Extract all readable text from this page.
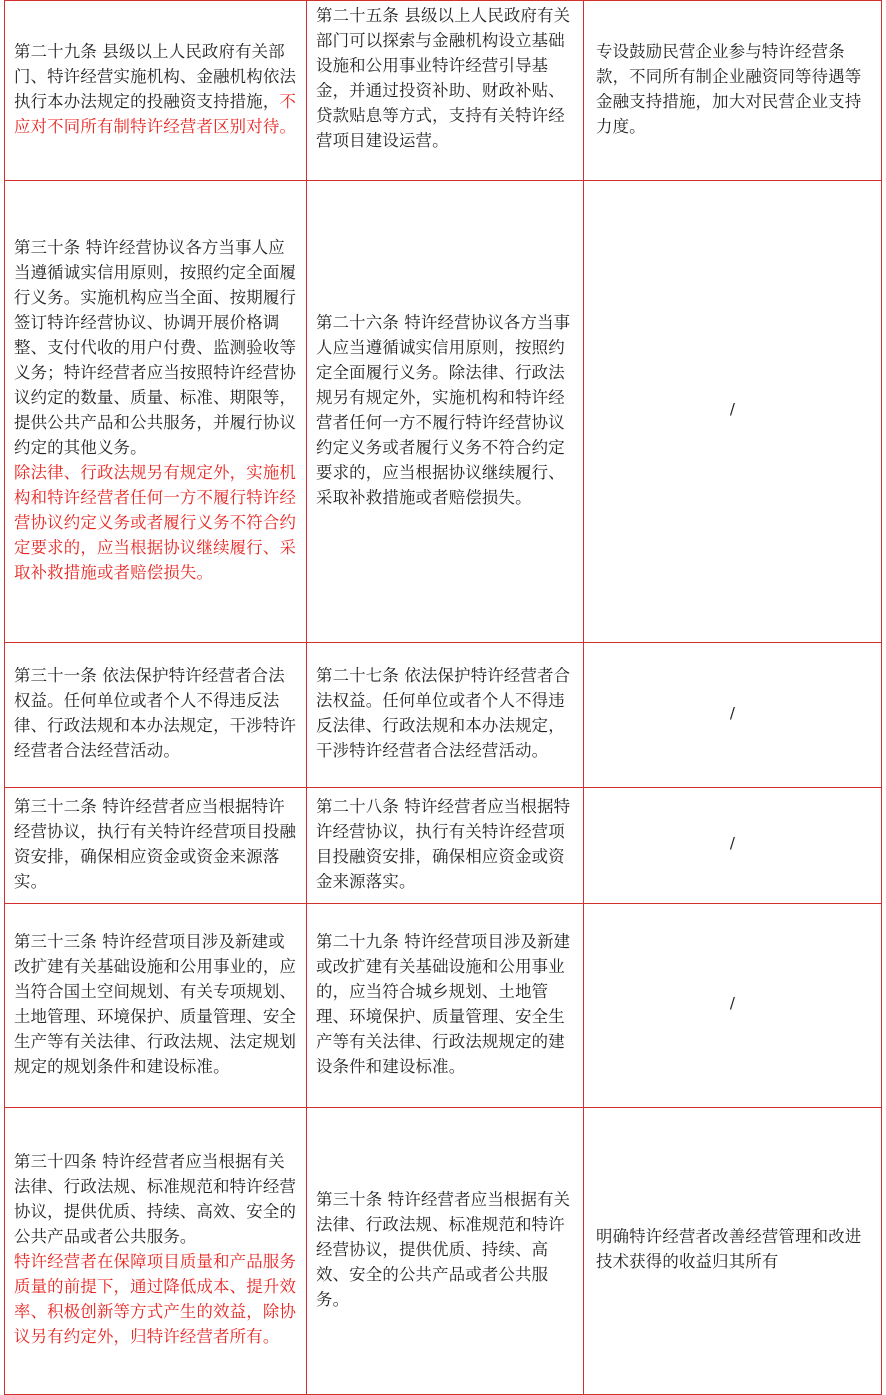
第二十九条 县级以上人民政府有关部门、特许经营实施机构、金融机构依法执行本办法规定的投融资支持措施，不应对不同所有制特许经营者区别对待。	第二十五条 县级以上人民政府有关部门可以探索与金融机构设立基础设施和公用事业特许经营引导基金，并通过投资补助、财政补贴、贷款贴息等方式，支持有关特许经营项目建设运营。	专设鼓励民营企业参与特许经营条款，不同所有制企业融资同等待遇等金融支持措施，加大对民营企业支持力度。

第三十条 特许经营协议各方当事人应当遵循诚实信用原则，按照约定全面履行义务。实施机构应当全面、按期履行签订特许经营协议、协调开展价格调整、支付代收的用户付费、监测验收等义务；特许经营者应当按照特许经营协议约定的数量、质量、标准、期限等，提供公共产品和公共服务，并履行协议约定的其他义务。
除法律、行政法规另有规定外，实施机构和特许经营者任何一方不履行特许经营协议约定义务或者履行义务不符合约定要求的，应当根据协议继续履行、采取补救措施或者赔偿损失。	第二十六条 特许经营协议各方当事人应当遵循诚实信用原则，按照约定全面履行义务。除法律、行政法规另有规定外，实施机构和特许经营者任何一方不履行特许经营协议约定义务或者履行义务不符合约定要求的，应当根据协议继续履行、采取补救措施或者赔偿损失。	/
第三十一条 依法保护特许经营者合法权益。任何单位或者个人不得违反法律、行政法规和本办法规定，干涉特许经营者合法经营活动。	第二十七条 依法保护特许经营者合法权益。任何单位或者个人不得违反法律、行政法规和本办法规定，干涉特许经营者合法经营活动。	/
第三十二条 特许经营者应当根据特许经营协议，执行有关特许经营项目投融资安排，确保相应资金或资金来源落实。	第二十八条 特许经营者应当根据特许经营协议，执行有关特许经营项目投融资安排，确保相应资金或资金来源落实。	/
第三十三条 特许经营项目涉及新建或改扩建有关基础设施和公用事业的，应当符合国土空间规划、有关专项规划、土地管理、环境保护、质量管理、安全生产等有关法律、行政法规、法定规划规定的规划条件和建设标准。	第二十九条 特许经营项目涉及新建或改扩建有关基础设施和公用事业的，应当符合城乡规划、土地管理、环境保护、质量管理、安全生产等有关法律、行政法规规定的建设条件和建设标准。	/

第三十四条 特许经营者应当根据有关法律、行政法规、标准规范和特许经营协议，提供优质、持续、高效、安全的公共产品或者公共服务。
特许经营者在保障项目质量和产品服务质量的前提下，通过降低成本、提升效率、积极创新等方式产生的效益，除协议另有约定外，归特许经营者所有。	第三十条 特许经营者应当根据有关法律、行政法规、标准规范和特许经营协议，提供优质、持续、高效、安全的公共产品或者公共服务。	明确特许经营者改善经营管理和改进技术获得的收益归其所有
